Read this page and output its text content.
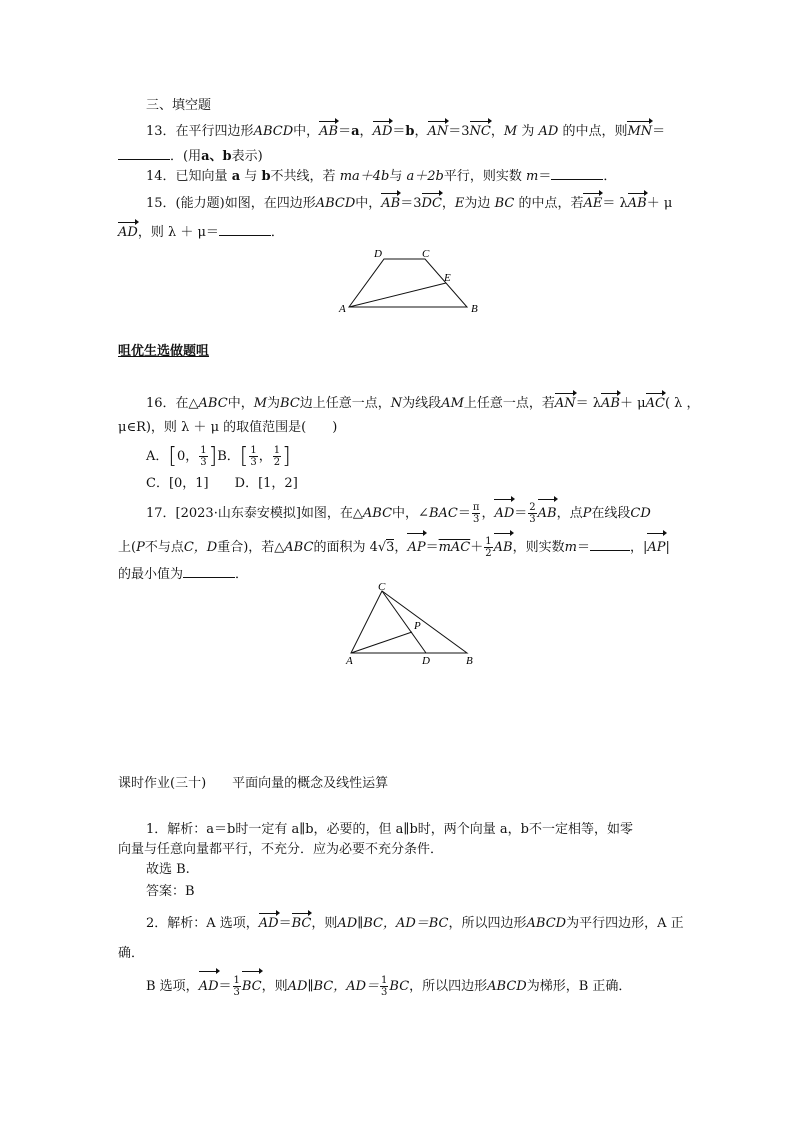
三、填空题
13．在平行四边形ABCD中，AB＝a，AD＝b，AN＝3NC，M 为 AD 的中点，则MN＝
．(用a、b表示)
14．已知向量 a 与 b不共线，若 ma＋4b与 a＋2b平行，则实数 m＝	．
15．(能力题)如图，在四边形ABCD中，AB＝3DC，E为边 BC 的中点，若AE＝ λAB＋ μ
AD，则 λ ＋ μ＝	．
D	C
E
A	B
咀优生选做题咀
16．在△ABC中，M为BC边上任意一点，N为线段AM上任意一点，若AN＝ λAB＋ μAC( λ ，
μ∈R)，则 λ ＋ μ 的取值范围是(　　)
A．[0， $\frac{1}{3} ]B$．[ $\frac{1}{3}$ ， $\frac{1}{2}$ ]
C．[0，1]　　 D．[1，2]
17．[2023·山东泰安模拟]如图，在△ABC中，∠BAC＝ $\frac{\pi}{3}$ ，$AD= \frac{2}{3}$ AB，点P在线段CD
上(P不与点C，D重合)，若△ABC的面积为 4√3，$AP=\overline{mAC}+ \frac{1}{2}$ AB，则实数m＝	，|AP|
的最小值为	．
C
P
A	D	B
课时作业(三十)　　平面向量的概念及线性运算
1．解析：a＝b时一定有 a∥b，必要的，但 a∥b时，两个向量 a，b不一定相等，如零
向量与任意向量都平行，不充分．应为必要不充分条件．
故选 B.
答案：B
2．解析：A 选项，AD＝BC，则AD∥BC，AD＝BC，所以四边形ABCD为平行四边形，A 正
确．
B 选项，$AD= \frac{1}{3}$ BC，则AD∥BC，$AD= \frac{1}{3}$ BC，所以四边形ABCD为梯形，B 正确．
